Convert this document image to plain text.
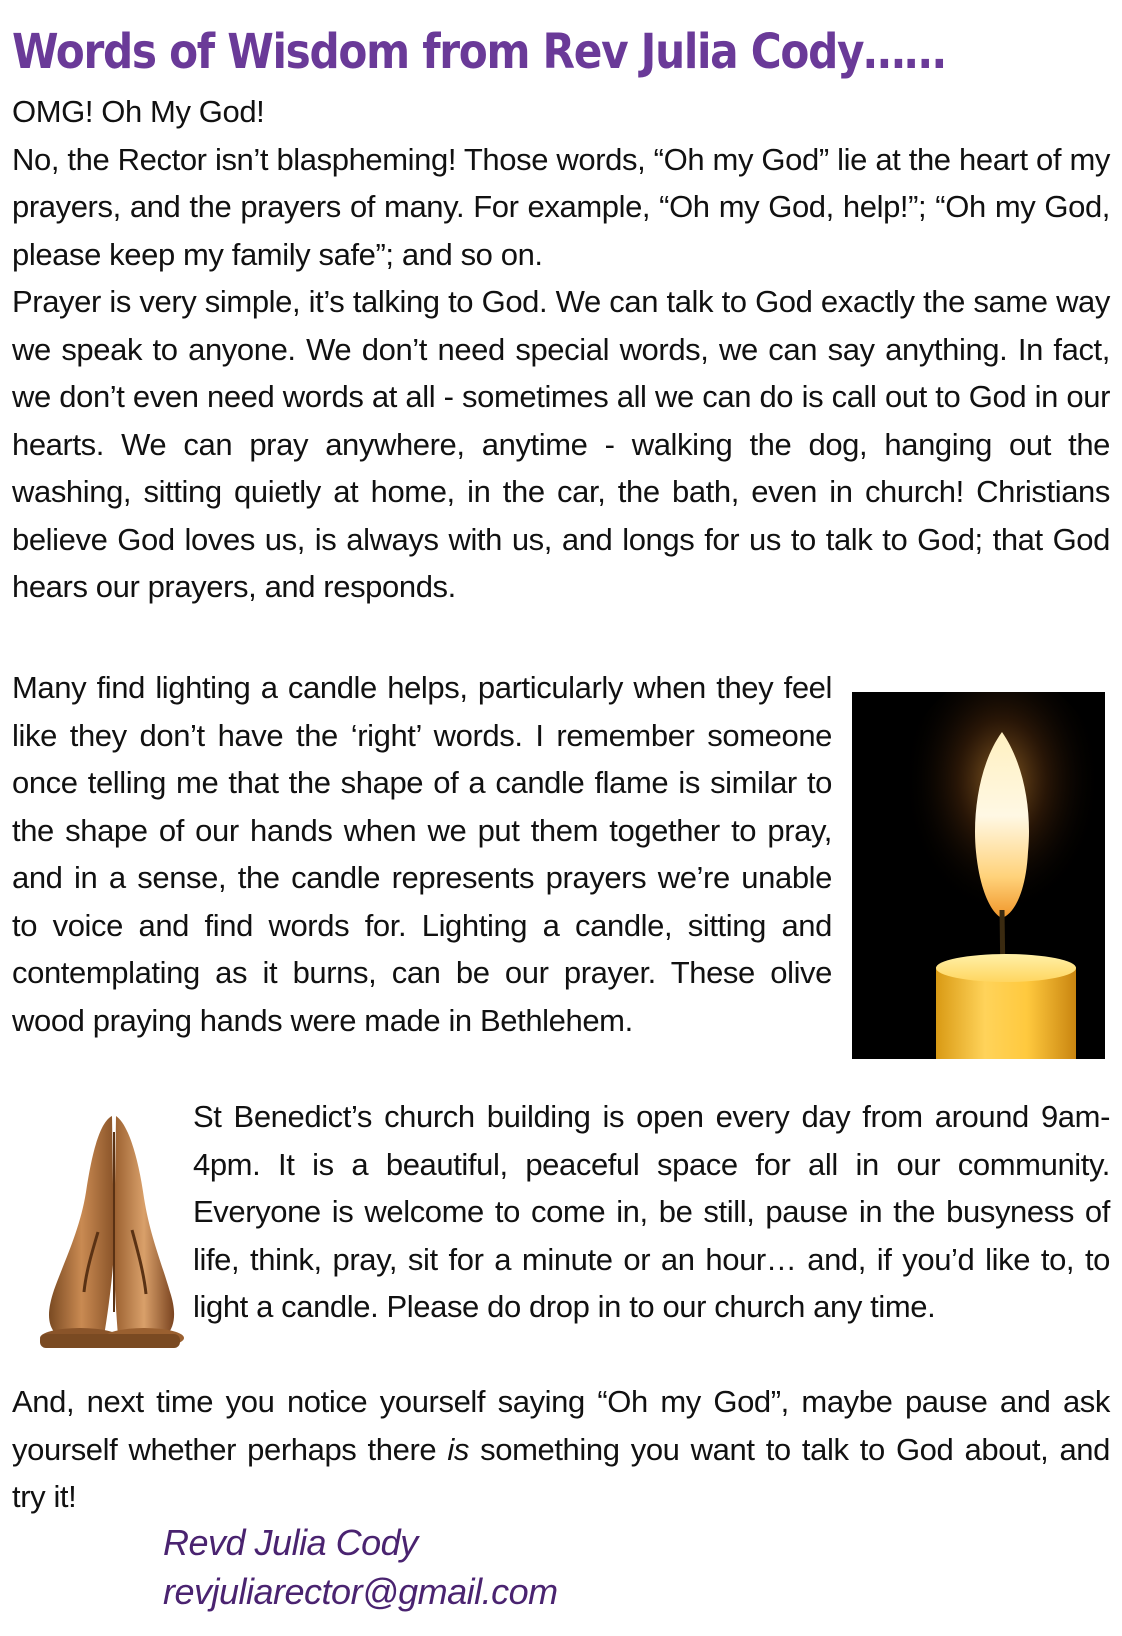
Words of Wisdom from Rev Julia Cody……

OMG! Oh My God!

No, the Rector isn’t blaspheming! Those words, “Oh my God” lie at the heart of my prayers, and the prayers of many. For example, “Oh my God, help!”; “Oh my God, please keep my family safe”; and so on.

Prayer is very simple, it’s talking to God. We can talk to God exactly the same way we speak to anyone. We don’t need special words, we can say anything. In fact, we don’t even need words at all - sometimes all we can do is call out to God in our hearts. We can pray anywhere, anytime - walking the dog, hanging out the washing, sitting quietly at home, in the car, the bath, even in church! Christians believe God loves us, is always with us, and longs for us to talk to God; that God hears our prayers, and responds.

Many find lighting a candle helps, particularly when they feel like they don’t have the ‘right’ words. I remember someone once telling me that the shape of a candle flame is similar to the shape of our hands when we put them together to pray, and in a sense, the candle represents prayers we’re unable to voice and find words for. Lighting a candle, sitting and contemplating as it burns, can be our prayer. These olive wood praying hands were made in Bethlehem.

St Benedict’s church building is open every day from around 9am-4pm. It is a beautiful, peaceful space for all in our community. Everyone is welcome to come in, be still, pause in the busyness of life, think, pray, sit for a minute or an hour… and, if you’d like to, to light a candle. Please do drop in to our church any time.

And, next time you notice yourself saying “Oh my God”, maybe pause and ask yourself whether perhaps there is something you want to talk to God about, and try it!

Revd Julia Cody
revjuliarector@gmail.com
